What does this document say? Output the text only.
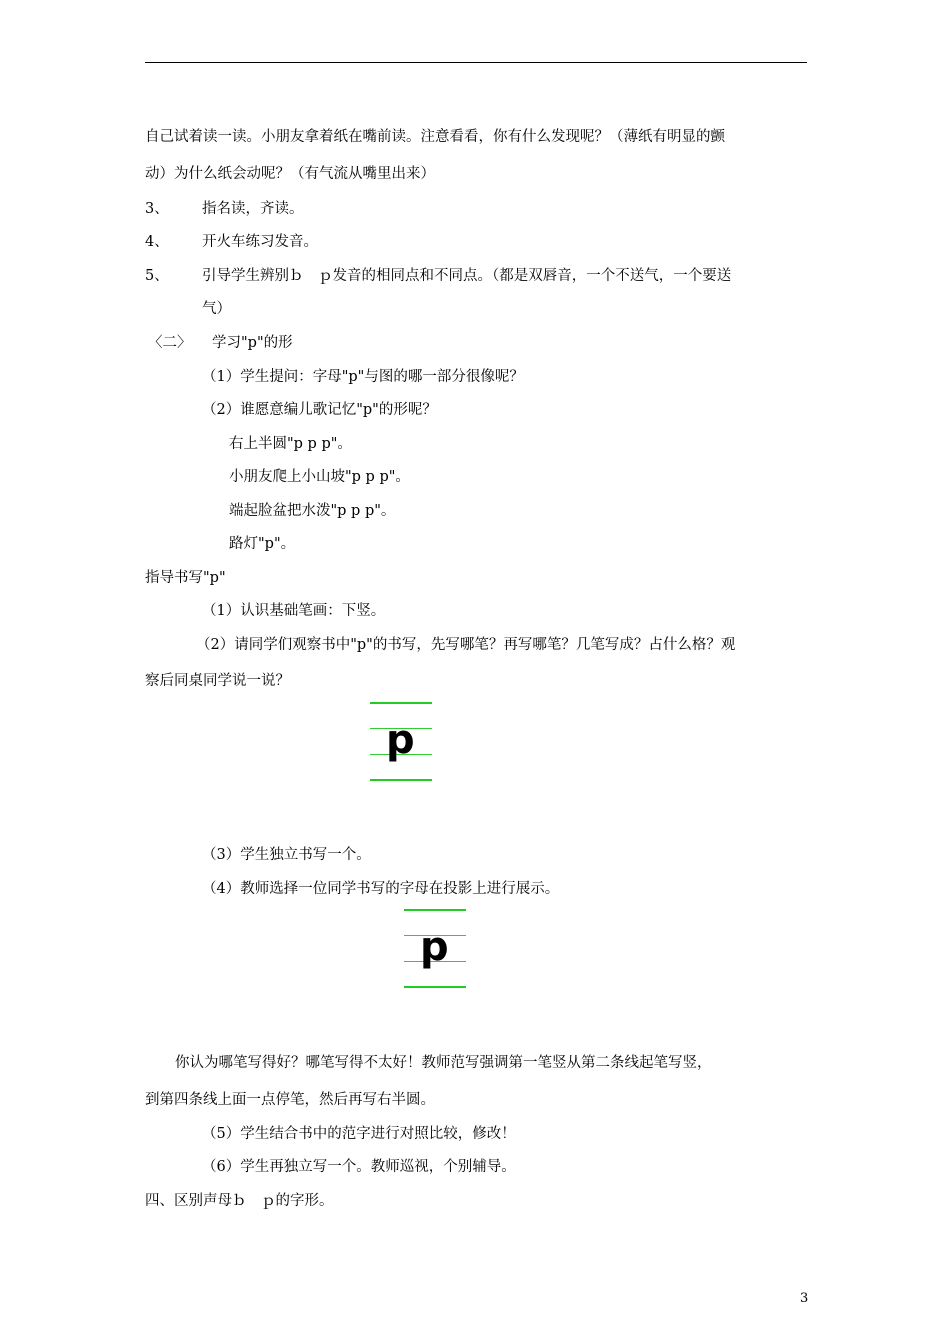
自己试着读一读。小朋友拿着纸在嘴前读。注意看看，你有什么发现呢？（薄纸有明显的颤
动）为什么纸会动呢？（有气流从嘴里出来）
3、 指名读，齐读。
4、 开火车练习发音。
5、 引导学生辨别ｂ　ｐ发音的相同点和不同点。（都是双唇音，一个不送气，一个要送
气）
〈二〉 学习"p"的形
（1）学生提问：字母"p"与图的哪一部分很像呢？
（2）谁愿意编儿歌记忆"p"的形呢？
右上半圆"p p p"。
小朋友爬上小山坡"p p p"。
端起脸盆把水泼"p p p"。
路灯"p"。
指导书写"p"
（1）认识基础笔画：下竖。
（2）请同学们观察书中"p"的书写，先写哪笔？再写哪笔？几笔写成？占什么格？观
察后同桌同学说一说？
p
（3）学生独立书写一个。
（4）教师选择一位同学书写的字母在投影上进行展示。
p
你认为哪笔写得好？哪笔写得不太好！教师范写强调第一笔竖从第二条线起笔写竖，
到第四条线上面一点停笔，然后再写右半圆。
（5）学生结合书中的范字进行对照比较，修改！
（6）学生再独立写一个。教师巡视，个别辅导。
四、区别声母ｂ　ｐ的字形。
3
